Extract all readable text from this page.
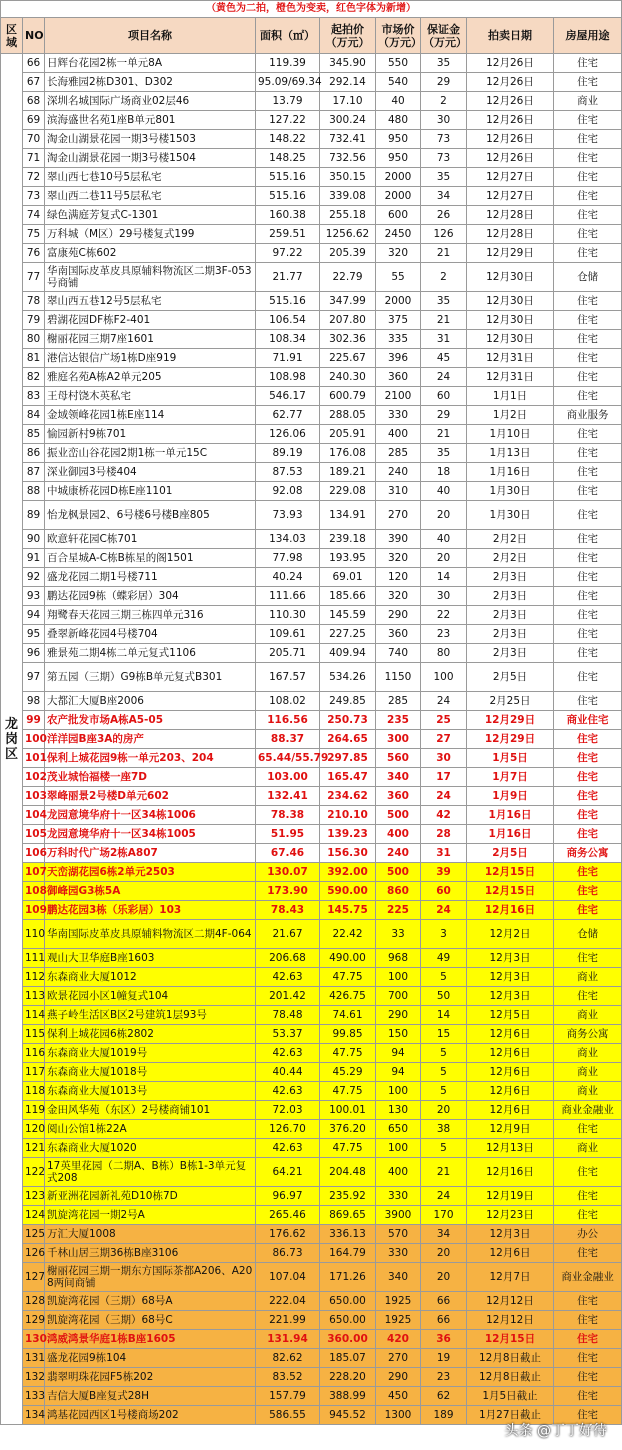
（黄色为二拍，橙色为变卖，红色字体为新增）								
区域	NO	项目名称	面积（㎡）	起拍价（万元）	市场价（万元）	保证金（万元）	拍卖日期	房屋用途
龙岗区	66	日辉台花园2栋一单元8A	119.39	345.90	550	35	12月26日	住宅
	67	长海雅园2栋D301、D302	95.09/69.34	292.14	540	29	12月26日	住宅
	68	深圳名城国际广场商业02层46	13.79	17.10	40	2	12月26日	商业
	69	滨海盛世名苑1座B单元801	127.22	300.24	480	30	12月26日	住宅
	70	淘金山湖景花园一期3号楼1503	148.22	732.41	950	73	12月26日	住宅
	71	淘金山湖景花园一期3号楼1504	148.25	732.56	950	73	12月26日	住宅
	72	翠山西七巷10号5层私宅	515.16	350.15	2000	35	12月27日	住宅
	73	翠山西二巷11号5层私宅	515.16	339.08	2000	34	12月27日	住宅
	74	绿色满庭芳复式C-1301	160.38	255.18	600	26	12月28日	住宅
	75	万科城（M区）29号楼复式199	259.51	1256.62	2450	126	12月28日	住宅
	76	富康苑C栋602	97.22	205.39	320	21	12月29日	住宅
	77	华南国际皮革皮具原辅料物流区二期3F-053号商铺	21.77	22.79	55	2	12月30日	仓储
	78	翠山西五巷12号5层私宅	515.16	347.99	2000	35	12月30日	住宅
	79	碧湖花园DF栋F2-401	106.54	207.80	375	21	12月30日	住宅
	80	榭丽花园三期7座1601	108.34	302.36	335	31	12月30日	住宅
	81	港信达银信广场1栋D座919	71.91	225.67	396	45	12月31日	住宅
	82	雅庭名苑A栋A2单元205	108.98	240.30	360	24	12月31日	住宅
	83	王母村饶木英私宅	546.17	600.79	2100	60	1月1日	住宅
	84	金域领峰花园1栋E座114	62.77	288.05	330	29	1月2日	商业服务
	85	愉园新村9栋701	126.06	205.91	400	21	1月10日	住宅
	86	振业峦山谷花园2期1栋一单元15C	89.19	176.08	285	35	1月13日	住宅
	87	深业御园3号楼404	87.53	189.21	240	18	1月16日	住宅
	88	中城康桥花园D栋E座1101	92.08	229.08	310	40	1月30日	住宅
	89	怡龙枫景园2、6号楼6号楼B座805	73.93	134.91	270	20	1月30日	住宅
	90	欧意轩花园C栋701	134.03	239.18	390	40	2月2日	住宅
	91	百合星城A-C栋B栋星的阁1501	77.98	193.95	320	20	2月2日	住宅
	92	盛龙花园二期1号楼711	40.24	69.01	120	14	2月3日	住宅
	93	鹏达花园9栋（蝶彩居）304	111.66	185.66	320	30	2月3日	住宅
	94	翔鹭春天花园三期三栋四单元316	110.30	145.59	290	22	2月3日	住宅
	95	叠翠新峰花园4号楼704	109.61	227.25	360	23	2月3日	住宅
	96	雅景苑二期4栋二单元复式1106	205.71	409.94	740	80	2月3日	住宅
	97	第五园（三期）G9栋B单元复式B301	167.57	534.26	1150	100	2月5日	住宅
	98	大都汇大厦B座2006	108.02	249.85	285	24	2月25日	住宅
	99	农产批发市场A栋A5-05	116.56	250.73	235	25	12月29日	商业住宅
	100	洋洋园B座3A的房产	88.37	264.65	300	27	12月29日	住宅
	101	保利上城花园9栋一单元203、204	65.44/55.79	297.85	560	30	1月5日	住宅
	102	茂业城怡福楼一座7D	103.00	165.47	340	17	1月7日	住宅
	103	翠峰丽景2号楼D单元602	132.41	234.62	360	24	1月9日	住宅
	104	龙园意境华府十一区34栋1006	78.38	210.10	500	42	1月16日	住宅
	105	龙园意境华府十一区34栋1005	51.95	139.23	400	28	1月16日	住宅
	106	万科时代广场2栋A807	67.46	156.30	240	31	2月5日	商务公寓
	107	天峦湖花园6栋2单元2503	130.07	392.00	500	39	12月15日	住宅
	108	御峰园G3栋5A	173.90	590.00	860	60	12月15日	住宅
	109	鹏达花园3栋（乐彩居）103	78.43	145.75	225	24	12月16日	住宅
	110	华南国际皮革皮具原辅料物流区二期4F-064	21.67	22.42	33	3	12月2日	仓储
	111	观山大卫华庭B座1603	206.68	490.00	968	49	12月3日	住宅
	112	东森商业大厦1012	42.63	47.75	100	5	12月3日	商业
	113	欧景花园小区1幢复式104	201.42	426.75	700	50	12月3日	住宅
	114	燕子岭生活区B区2号建筑1层93号	78.48	74.61	290	14	12月5日	商业
	115	保利上城花园6栋2802	53.37	99.85	150	15	12月6日	商务公寓
	116	东森商业大厦1019号	42.63	47.75	94	5	12月6日	商业
	117	东森商业大厦1018号	40.44	45.29	94	5	12月6日	商业
	118	东森商业大厦1013号	42.63	47.75	100	5	12月6日	商业
	119	金田风华苑（东区）2号楼商铺101	72.03	100.01	130	20	12月6日	商业金融业
	120	阅山公馆1栋22A	126.70	376.20	650	38	12月9日	住宅
	121	东森商业大厦1020	42.63	47.75	100	5	12月13日	商业
	122	17英里花园（二期A、B栋）B栋1-3单元复式208	64.21	204.48	400	21	12月16日	住宅
	123	新亚洲花园新礼苑D10栋7D	96.97	235.92	330	24	12月19日	住宅
	124	凯旋湾花园一期2号A	265.46	869.65	3900	170	12月23日	住宅
	125	万汇大厦1008	176.62	336.13	570	34	12月3日	办公
	126	千林山居三期36栋B座3106	86.73	164.79	330	20	12月6日	住宅
	127	榭丽花园三期一期东方国际茶都A206、A208两间商铺	107.04	171.26	340	20	12月7日	商业金融业
	128	凯旋湾花园（三期）68号A	222.04	650.00	1925	66	12月12日	住宅
	129	凯旋湾花园（三期）68号C	221.99	650.00	1925	66	12月12日	住宅
	130	鸿威鸿景华庭1栋B座1605	131.94	360.00	420	36	12月15日	住宅
	131	盛龙花园9栋104	82.62	185.07	270	19	12月8日截止	住宅
	132	翡翠明珠花园F5栋202	83.52	228.20	290	23	12月8日截止	住宅
	133	吉信大厦B座复式28H	157.79	388.99	450	62	1月5日截止	住宅
	134	鸿基花园西区1号楼商场202	586.55	945.52	1300	189	1月27日截止	住宅
头条 @丁丁好待
